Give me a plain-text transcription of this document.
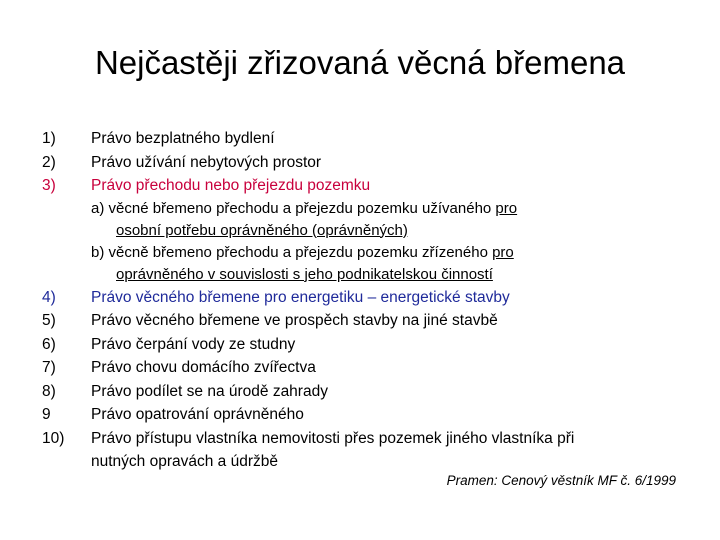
Nejčastěji zřizovaná věcná břemena
1)	Právo bezplatného bydlení
2)	Právo užívání nebytových prostor
3)	Právo přechodu nebo přejezdu pozemku
a) věcné břemeno přechodu a přejezdu pozemku užívaného pro
osobní potřebu oprávněného (oprávněných)
b) věcně břemeno přechodu a přejezdu pozemku zřízeného pro
oprávněného v souvislosti s jeho podnikatelskou činností
4)	Právo věcného břemene pro energetiku – energetické stavby
5)	Právo věcného břemene ve prospěch stavby na jiné stavbě
6)	Právo čerpání vody ze studny
7)	Právo chovu domácího zvířectva
8)	Právo podílet se na úrodě zahrady
9	Právo opatrování oprávněného
10)	Právo přístupu vlastníka nemovitosti přes pozemek jiného vlastníka při
nutných opravách a údržbě
Pramen: Cenový věstník MF č. 6/1999
